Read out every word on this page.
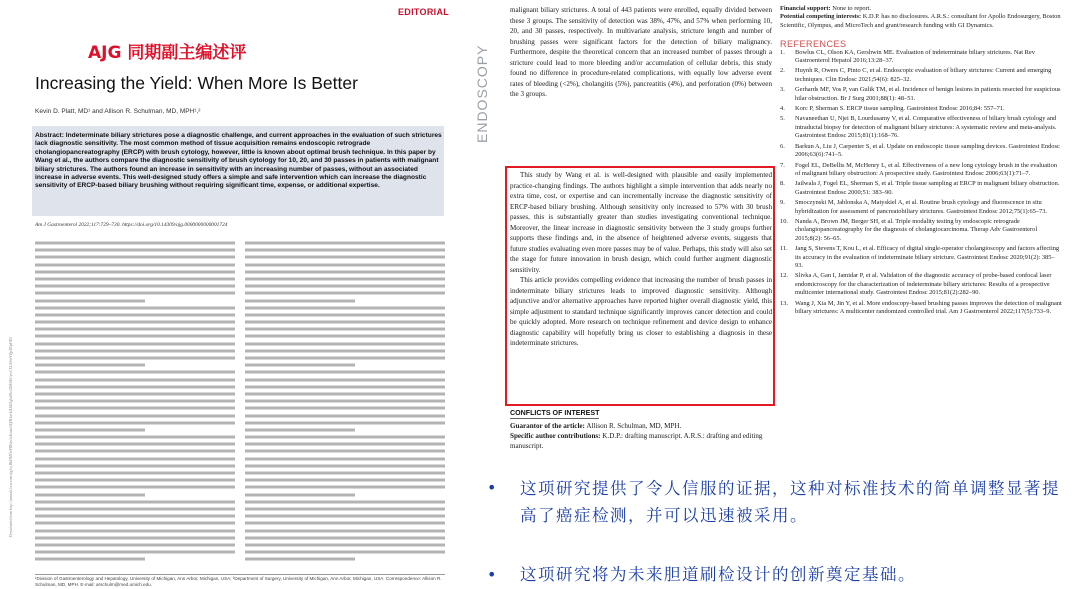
Downloaded from http://journals.lww.com/ajg by BhDMf5ePHKav1zEoum1tQfN4a+kJLhEZgbsIHo4XMi0hCywCX1AWnYQp/IlQrHD3
AJG 同期副主编述评
EDITORIAL
Increasing the Yield: When More Is Better
Kevin D. Platt, MD¹ and Allison R. Schulman, MD, MPH¹,²
Abstract: Indeterminate biliary strictures pose a diagnostic challenge, and current approaches in the evaluation of such strictures lack diagnostic sensitivity. The most common method of tissue acquisition remains endoscopic retrograde cholangiopancreatography (ERCP) with brush cytology, however, little is known about optimal brush technique. In this paper by Wang et al., the authors compare the diagnostic sensitivity of brush cytology for 10, 20, and 30 passes in patients with malignant biliary strictures. The authors found an increase in sensitivity with an increasing number of passes, without an associated increase in adverse events. This well-designed study offers a simple and safe intervention which can increase the diagnostic sensitivity of ERCP-based biliary brushing without requiring significant time, expense, or additional expertise.
Am J Gastroenterol 2022;117:729–730. https://doi.org/10.14309/ajg.0000000000001724
¹Division of Gastroenterology and Hepatology, University of Michigan, Ann Arbor, Michigan, USA; ²Department of Surgery, University of Michigan, Ann Arbor, Michigan, USA. Correspondence: Allison R. Schulman, MD, MPH. E-mail: arschulm@med.umich.edu.
ENDOSCOPY

malignant biliary strictures. A total of 443 patients were enrolled, equally divided between these 3 groups. The sensitivity of detection was 38%, 47%, and 57% when performing 10, 20, and 30 passes, respectively. In multivariate analysis, stricture length and number of brushing passes were significant factors for the detection of biliary malignancy. Furthermore, despite the theoretical concern that an increased number of passes through a stricture could lead to more bleeding and/or accumulation of cellular debris, this study found no difference in procedure-related complications, with equally low adverse event rates of bleeding (<2%), cholangitis (5%), pancreatitis (4%), and perforation (0%) between the 3 groups.

This study by Wang et al. is well-designed with plausible and easily implemented practice-changing findings. The authors highlight a simple intervention that adds nearly no extra time, cost, or expertise and can incrementally increase the diagnostic sensitivity of ERCP-based biliary brushing. Although sensitivity only increased to 57% with 30 brush passes, this is substantially greater than studies investigating conventional technique. Moreover, the linear increase in diagnostic sensitivity between the 3 study groups further supports these findings and, in the absence of heightened adverse events, suggests that future studies evaluating even more passes may be of value. Perhaps, this study will also set the stage for future innovation in brush design, which could further augment diagnostic sensitivity.

This article provides compelling evidence that increasing the number of brush passes in indeterminate biliary strictures leads to improved diagnostic sensitivity. Although adjunctive and/or alternative approaches have reported higher overall diagnostic yield, this simple adjustment to standard technique significantly improves cancer detection and could be quickly adopted. More research on technique refinement and device design to enhance diagnostic capability will hopefully bring us closer to establishing a diagnosis in these indeterminate strictures.

CONFLICTS OF INTEREST

Guarantor of the article: Allison R. Schulman, MD, MPH.

Specific author contributions: K.D.P.: drafting manuscript. A.R.S.: drafting and editing manuscript.

Financial support: None to report.

Potential competing interests: K.D.P. has no disclosures. A.R.S.: consultant for Apollo Endosurgery, Boston Scientific, Olympus, and MicroTech and grant/research funding with GI Dynamics.

REFERENCES
1. Bowlus CL, Olson KA, Gershwin ME. Evaluation of indeterminate biliary strictures. Nat Rev Gastroenterol Hepatol 2016;13:28–37.
2. Huynh R, Owers C, Pinto C, et al. Endoscopic evaluation of biliary strictures: Current and emerging techniques. Clin Endosc 2021;54(6): 825–32.
3. Gerhards MF, Vos P, van Gulik TM, et al. Incidence of benign lesions in patients resected for suspicious hilar obstruction. Br J Surg 2001;88(1): 48–51.
4. Korc P, Sherman S. ERCP tissue sampling. Gastrointest Endosc 2016;84: 557–71.
5. Navaneethan U, Njei B, Lourdusamy V, et al. Comparative effectiveness of biliary brush cytology and intraductal biopsy for detection of malignant biliary strictures: A systematic review and meta-analysis. Gastrointest Endosc 2015;81(1):168–76.
6. Barkun A, Liu J, Carpenter S, et al. Update on endoscopic tissue sampling devices. Gastrointest Endosc 2006;63(6):741–5.
7. Fogel EL, DeBellis M, McHenry L, et al. Effectiveness of a new long cytology brush in the evaluation of malignant biliary obstruction: A prospective study. Gastrointest Endosc 2006;63(1):71–7.
8. Jailwala J, Fogel EL, Sherman S, et al. Triple tissue sampling at ERCP in malignant biliary obstruction. Gastrointest Endosc 2000;51: 383–90.
9. Smoczynski M, Jablonska A, Matyskiel A, et al. Routine brush cytology and fluorescence in situ hybridization for assessment of pancreatobiliary strictures. Gastrointest Endosc 2012;75(1):65–73.
10. Nanda A, Brown JM, Berger SH, et al. Triple modality testing by endoscopic retrograde cholangiopancreatography for the diagnosis of cholangiocarcinoma. Therap Adv Gastroenterol 2015;8(2): 56–65.
11. Jang S, Stevens T, Kou L, et al. Efficacy of digital single-operator cholangioscopy and factors affecting its accuracy in the evaluation of indeterminate biliary stricture. Gastrointest Endosc 2020;91(2): 385–93.
12. Slivka A, Gan I, Jamidar P, et al. Validation of the diagnostic accuracy of probe-based confocal laser endomicroscopy for the characterization of indeterminate biliary strictures: Results of a prospective multicenter international study. Gastrointest Endosc 2015;81(2):282–90.
13. Wang J, Xia M, Jin Y, et al. More endoscopy-based brushing passes improves the detection of malignant biliary strictures: A multicenter randomized controlled trial. Am J Gastroenterol 2022;117(5):733–9.
• 这项研究提供了令人信服的证据，这种对标准技术的简单调整显著提高了癌症检测，并可以迅速被采用。
• 这项研究将为未来胆道刷检设计的创新奠定基础。
